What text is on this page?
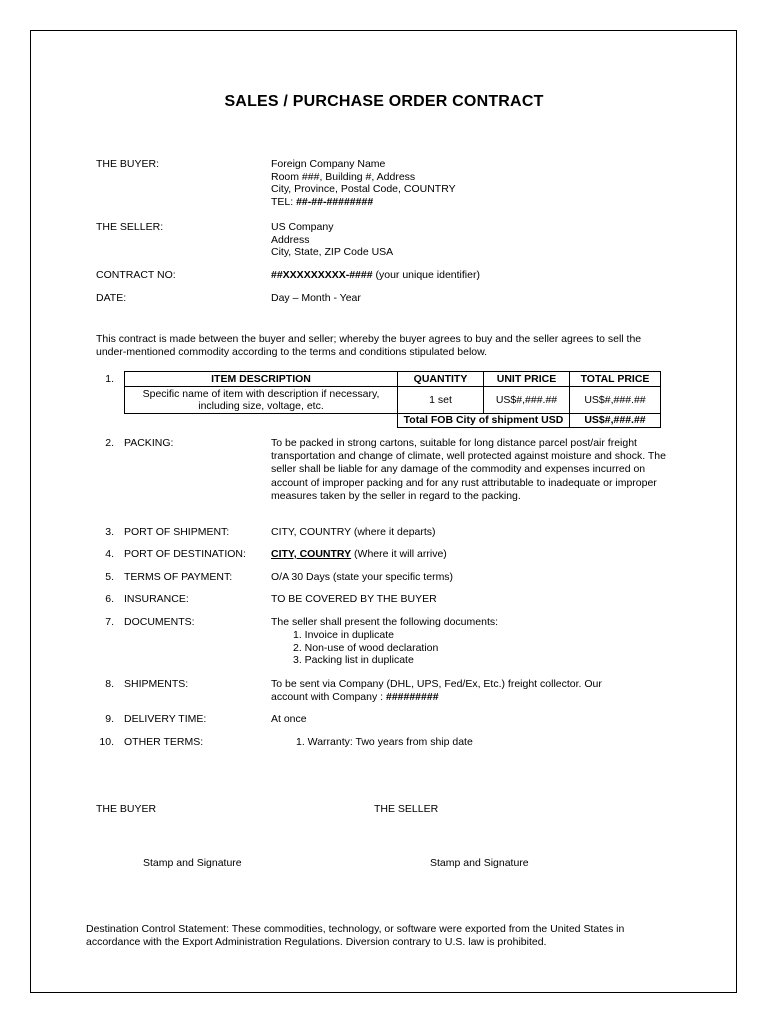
SALES / PURCHASE ORDER CONTRACT
THE BUYER:	Foreign Company Name
Room ###, Building #, Address
City, Province, Postal Code, COUNTRY
TEL: ##-##-########
THE SELLER:	US Company
Address
City, State, ZIP Code USA
CONTRACT NO:	##XXXXXXXXX-#### (your unique identifier)
DATE:	Day – Month - Year
This contract is made between the buyer and seller; whereby the buyer agrees to buy and the seller agrees to sell the under-mentioned commodity according to the terms and conditions stipulated below.
1.	ITEM DESCRIPTION	QUANTITY	UNIT PRICE	TOTAL PRICE
Specific name of item with description if necessary, including size, voltage, etc.	1 set	US$#,###.##	US$#,###.##
	Total FOB City of shipment USD		US$#,###.##
2. PACKING:	To be packed in strong cartons, suitable for long distance parcel post/air freight transportation and change of climate, well protected against moisture and shock. The seller shall be liable for any damage of the commodity and expenses incurred on account of improper packing and for any rust attributable to inadequate or improper measures taken by the seller in regard to the packing.
3. PORT OF SHIPMENT:	CITY, COUNTRY (where it departs)
4. PORT OF DESTINATION: CITY, COUNTRY (Where it will arrive)
5. TERMS OF PAYMENT:	O/A 30 Days (state your specific terms)
6. INSURANCE:	TO BE COVERED BY THE BUYER
7. DOCUMENTS:	The seller shall present the following documents:
1. Invoice in duplicate
2. Non-use of wood declaration
3. Packing list in duplicate
8. SHIPMENTS:	To be sent via Company (DHL, UPS, Fed/Ex, Etc.) freight collector. Our
account with Company : #########
9. DELIVERY TIME:	At once
10. OTHER TERMS:	1. Warranty: Two years from ship date
THE BUYER	THE SELLER
Stamp and Signature	Stamp and Signature
Destination Control Statement: These commodities, technology, or software were exported from the United States in accordance with the Export Administration Regulations. Diversion contrary to U.S. law is prohibited.
